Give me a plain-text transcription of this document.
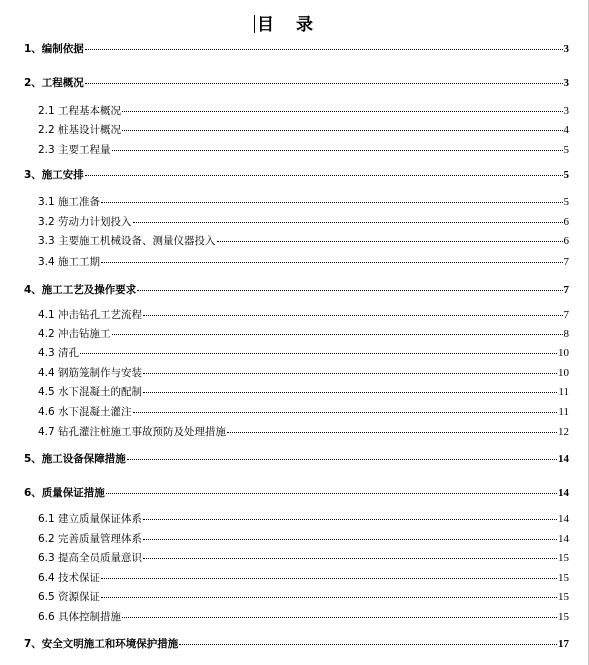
目录
1、编制依据	3
2、工程概况	3
2.1 工程基本概况	3
2.2 桩基设计概况	4
2.3 主要工程量	5
3、施工安排	5
3.1 施工准备	5
3.2 劳动力计划投入	6
3.3 主要施工机械设备、测量仪器投入	6
3.4 施工工期	7
4、施工工艺及操作要求	7
4.1 冲击钻孔工艺流程	7
4.2 冲击钻施工	8
4.3 清孔	10
4.4 钢筋笼制作与安装	10
4.5 水下混凝土的配制	11
4.6 水下混凝土灌注	11
4.7 钻孔灌注桩施工事故预防及处理措施	12
5、施工设备保障措施	14
6、质量保证措施	14
6.1 建立质量保证体系	14
6.2 完善质量管理体系	14
6.3 提高全员质量意识	15
6.4 技术保证	15
6.5 资源保证	15
6.6 具体控制措施	15
7、安全文明施工和环境保护措施	17
